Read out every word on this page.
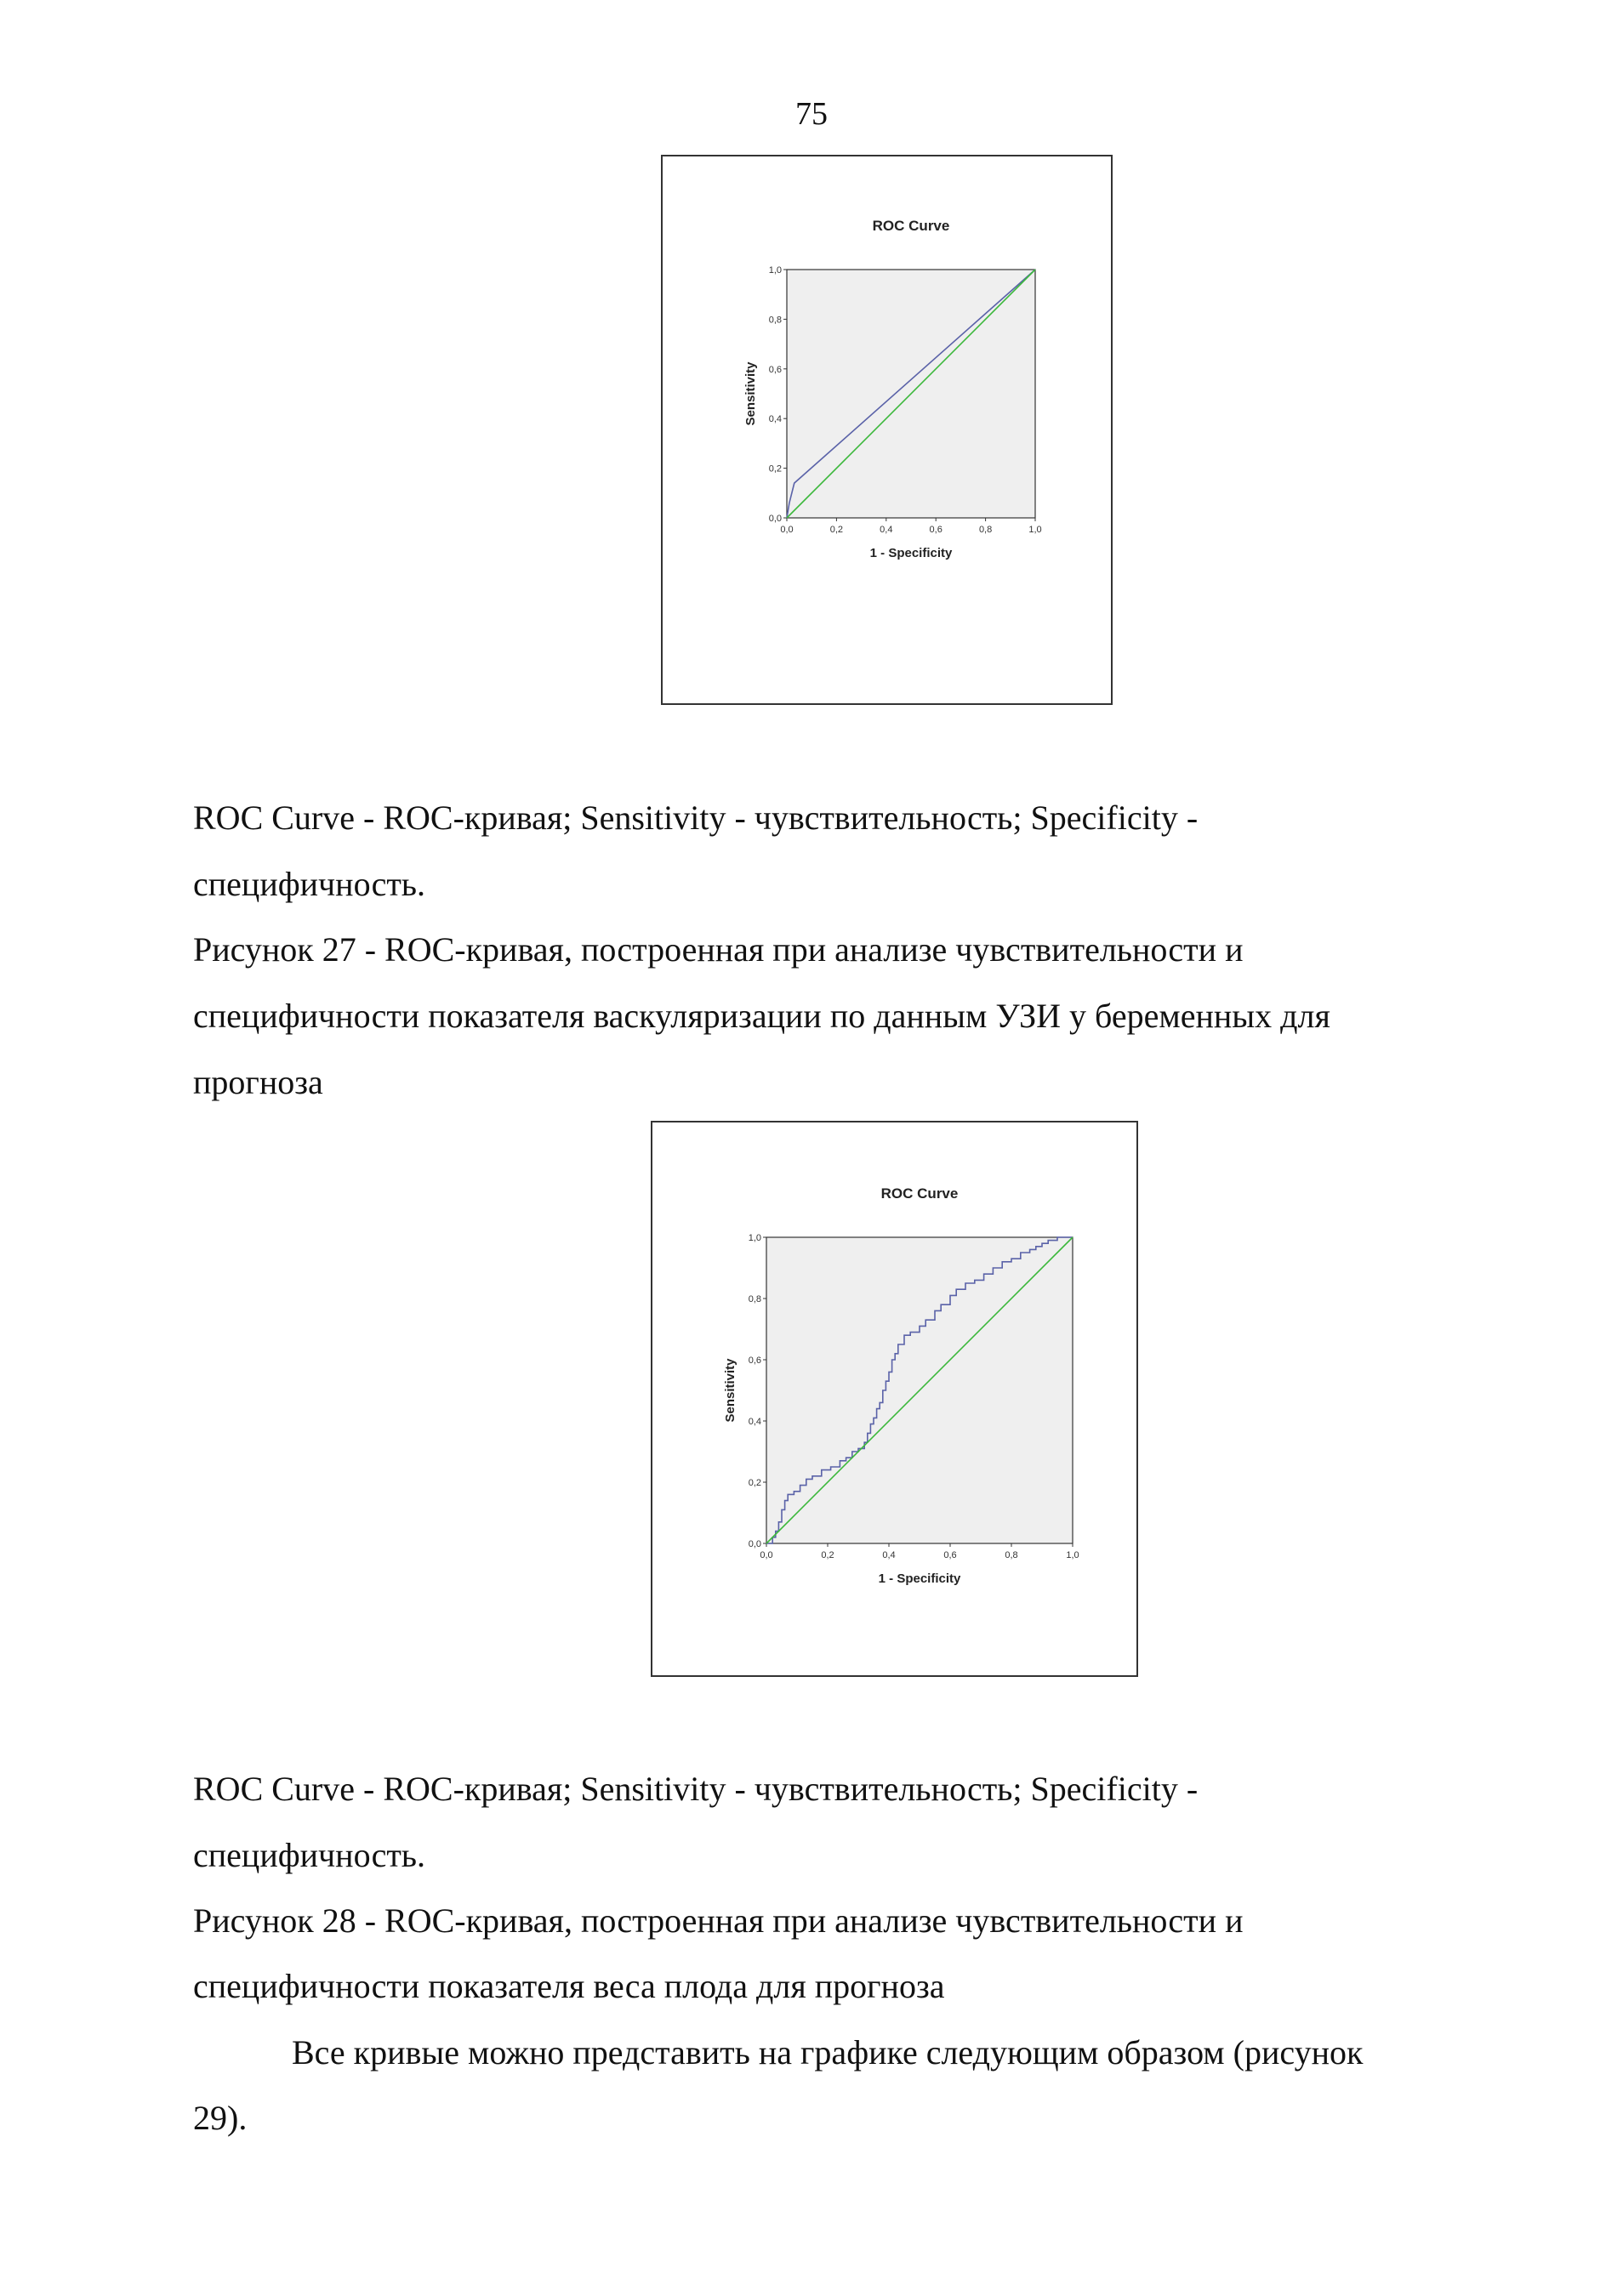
75
ROC Curve
0,0	0,2	0,4	0,6	0,8	1,0
0,0
0,2
0,4
0,6
0,8
1,0
1 - Specificity
Sensitivity
ROC Curve - ROC-кривая; Sensitivity - чувствительность; Specificity -
специфичность.
Рисунок 27 - ROC-кривая, построенная при анализе чувствительности и
специфичности показателя васкуляризации по данным УЗИ у беременных для
прогноза
ROC Curve
0,0	0,2	0,4	0,6	0,8	1,0
0,0
0,2
0,4
0,6
0,8
1,0
1 - Specificity
Sensitivity
ROC Curve - ROC-кривая; Sensitivity - чувствительность; Specificity -
специфичность.
Рисунок 28 - ROC-кривая, построенная при анализе чувствительности и
специфичности показателя веса плода для прогноза
Все кривые можно представить на графике следующим образом (рисунок
29).
